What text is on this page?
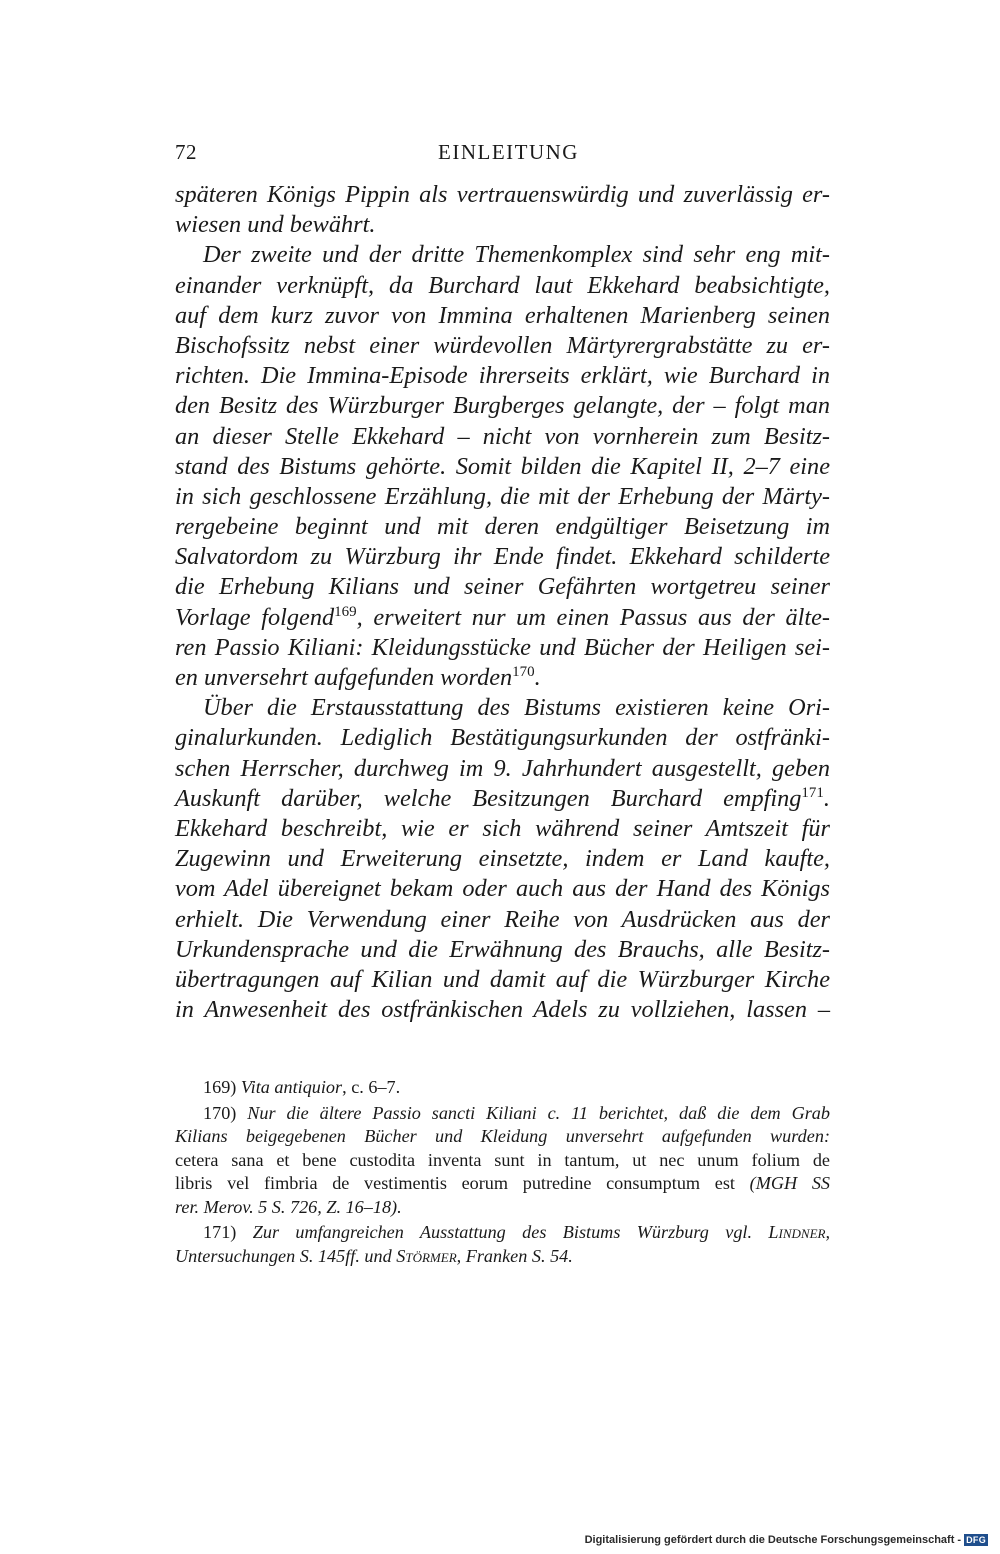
72	EINLEITUNG
späteren Königs Pippin als vertrauenswürdig und zuverlässig er-
wiesen und bewährt.
Der zweite und der dritte Themenkomplex sind sehr eng mit-
einander verknüpft, da Burchard laut Ekkehard beabsichtigte,
auf dem kurz zuvor von Immina erhaltenen Marienberg seinen
Bischofssitz nebst einer würdevollen Märtyrergrabstätte zu er-
richten. Die Immina-Episode ihrerseits erklärt, wie Burchard in
den Besitz des Würzburger Burgberges gelangte, der – folgt man
an dieser Stelle Ekkehard – nicht von vornherein zum Besitz-
stand des Bistums gehörte. Somit bilden die Kapitel II, 2–7 eine
in sich geschlossene Erzählung, die mit der Erhebung der Märty-
rergebeine beginnt und mit deren endgültiger Beisetzung im
Salvatordom zu Würzburg ihr Ende findet. Ekkehard schilderte
die Erhebung Kilians und seiner Gefährten wortgetreu seiner
Vorlage folgend$^{169}$, erweitert nur um einen Passus aus der älte-
ren Passio Kiliani: Kleidungsstücke und Bücher der Heiligen sei-
en unversehrt aufgefunden worden$^{170}$.
Über die Erstausstattung des Bistums existieren keine Ori-
ginalurkunden. Lediglich Bestätigungsurkunden der ostfränki-
schen Herrscher, durchweg im 9. Jahrhundert ausgestellt, geben
Auskunft darüber, welche Besitzungen Burchard empfing$^{171}$.
Ekkehard beschreibt, wie er sich während seiner Amtszeit für
Zugewinn und Erweiterung einsetzte, indem er Land kaufte,
vom Adel übereignet bekam oder auch aus der Hand des Königs
erhielt. Die Verwendung einer Reihe von Ausdrücken aus der
Urkundensprache und die Erwähnung des Brauchs, alle Besitz-
übertragungen auf Kilian und damit auf die Würzburger Kirche
in Anwesenheit des ostfränkischen Adels zu vollziehen, lassen –
169) Vita antiquior, c. 6–7.
170) Nur die ältere Passio sancti Kiliani c. 11 berichtet, daß die dem Grab
Kilians beigegebenen Bücher und Kleidung unversehrt aufgefunden wurden:
cetera sana et bene custodita inventa sunt in tantum, ut nec unum folium de
libris vel fimbria de vestimentis eorum putredine consumptum est (MGH SS
rer. Merov. 5 S. 726, Z. 16–18).
171) Zur umfangreichen Ausstattung des Bistums Würzburg vgl. Lindner,
Untersuchungen S. 145ff. und Störmer, Franken S. 54.
Digitalisierung gefördert durch die Deutsche Forschungsgemeinschaft - DFG
